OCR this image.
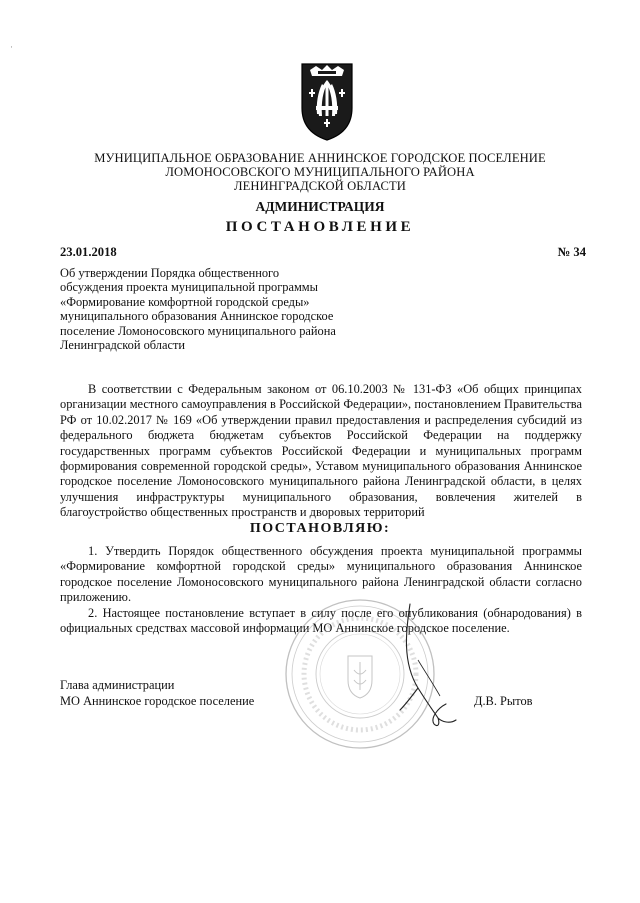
·
МУНИЦИПАЛЬНОЕ ОБРАЗОВАНИЕ АННИНСКОЕ ГОРОДСКОЕ ПОСЕЛЕНИЕ
ЛОМОНОСОВСКОГО МУНИЦИПАЛЬНОГО РАЙОНА
ЛЕНИНГРАДСКОЙ ОБЛАСТИ
АДМИНИСТРАЦИЯ
ПОСТАНОВЛЕНИЕ
23.01.2018	№ 34
Об утверждении Порядка общественного
обсуждения проекта муниципальной программы
«Формирование комфортной городской среды»
муниципального образования Аннинское городское
поселение Ломоносовского муниципального района
Ленинградской области

В соответствии с Федеральным законом от 06.10.2003 № 131-ФЗ «Об общих принципах организации местного самоуправления в Российской Федерации», постановлением Правительства РФ от 10.02.2017 № 169 «Об утверждении правил предоставления и распределения субсидий из федерального бюджета бюджетам субъектов Российской Федерации на поддержку государственных программ субъектов Российской Федерации и муниципальных программ формирования современной городской среды», Уставом муниципального образования Аннинское городское поселение Ломоносовского муниципального района Ленинградской области, в целях улучшения инфраструктуры муниципального образования, вовлечения жителей в благоустройство общественных пространств и дворовых территорий

ПОСТАНОВЛЯЮ:

1. Утвердить Порядок общественного обсуждения проекта муниципальной программы «Формирование комфортной городской среды» муниципального образования Аннинское городское поселение Ломоносовского муниципального района Ленинградской области согласно приложению.

2. Настоящее постановление вступает в силу после его опубликования (обнародования) в официальных средствах массовой информации МО Аннинское городское поселение.

Глава администрации
МО Аннинское городское поселение	Д.В. Рытов
